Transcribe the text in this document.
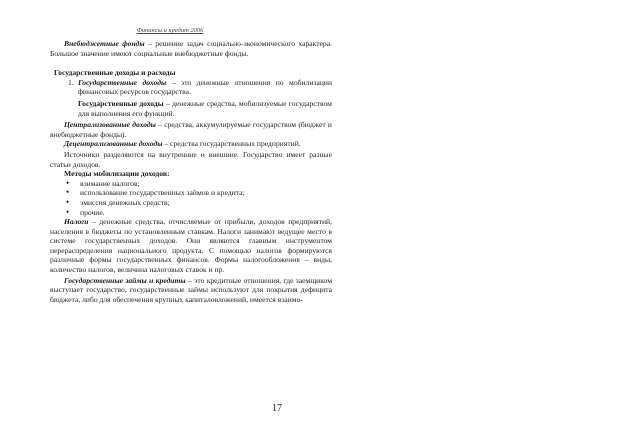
Финансы и кредит 2006

Внебюджетные фонды – решение задач социально-экономического характера. Большое значение имеют социальные внебюджетные фонды.

Государственные доходы и расходы

1. Государственные доходы – это денежные отношения по мобилизации финансовых ресурсов государства.

Государственные доходы – денежные средства, мобилизуемые государством для выполнения его функций.

Централизованные доходы – средства, аккумулируемые государством (бюджет и внебюджетные фонды).

Децентрализованные доходы – средства государственных предприятий.

Источники разделяются на внутренние и внешние. Государство имеет разные статьи доходов.

Методы мобилизации доходов:

• взимание налогов;
• использование государственных займов и кредита;
• эмиссия денежных средств;
• прочие.

Налоги – денежные средства, отчисляемые от прибыли, доходов предприятий, населения в бюджеты по установленным ставкам. Налоги занимают ведущее место в системе государственных доходов. Они являются главным инструментом перераспределения национального продукта. С помощью налогов формируются различные формы государственных финансов. Формы налогообложения – виды, количество налогов, величина налоговых ставок и пр.

Государственные займы и кредиты – это кредитные отношения, где заемщиком выступает государство, государственные займы используют для покрытия дефицита бюджета, либо для обеспечения крупных капиталовложений, имеется взаимо-

17
